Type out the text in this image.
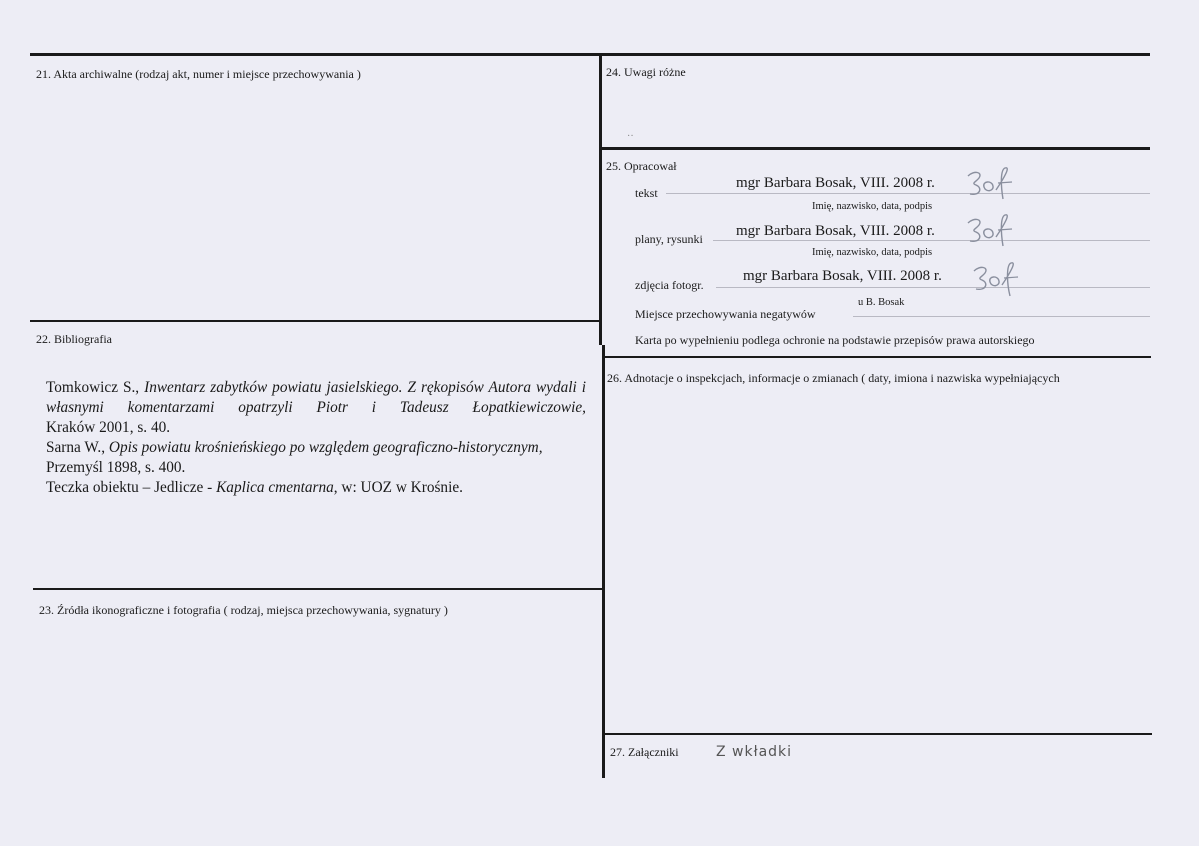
21. Akta archiwalne (rodzaj akt, numer i miejsce przechowywania )
22. Bibliografia

Tomkowicz S., Inwentarz zabytków powiatu jasielskiego. Z rękopisów Autora wydali i własnymi komentarzami opatrzyli Piotr i Tadeusz Łopatkiewiczowie,

Kraków 2001, s. 40.

Sarna W., Opis powiatu krośnieńskiego po względem geograficzno-historycznym,

Przemyśl 1898, s. 400.

Teczka obiektu – Jedlicze - Kaplica cmentarna, w: UOZ w Krośnie.

23. Źródła ikonograficzne i fotografia ( rodzaj, miejsca przechowywania, sygnatury )
24. Uwagi różne
··
25. Opracował
tekst
mgr Barbara Bosak, VIII. 2008 r.
Imię, nazwisko, data, podpis
plany, rysunki mgr Barbara Bosak, VIII. 2008 r.
Imię, nazwisko, data, podpis
zdjęcia fotogr.
mgr Barbara Bosak, VIII. 2008 r.
Miejsce przechowywania negatywów
u B. Bosak
Karta po wypełnieniu podlega ochronie na podstawie przepisów prawa autorskiego
26. Adnotacje o inspekcjach, informacje o zmianach ( daty, imiona i nazwiska wypełniających
27. Załączniki	Z wkładki
